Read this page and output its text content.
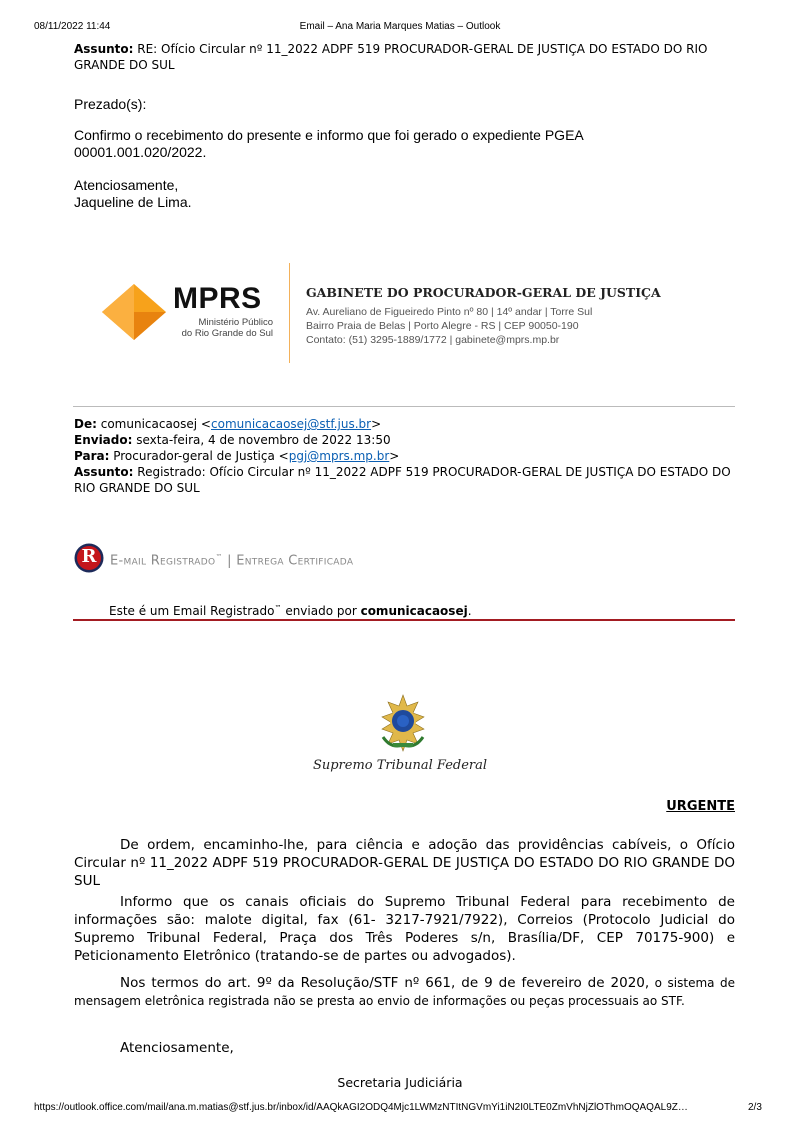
08/11/2022 11:44	Email – Ana Maria Marques Matias – Outlook
Assunto: RE: Ofício Circular nº 11_2022 ADPF 519 PROCURADOR-GERAL DE JUSTIÇA DO ESTADO DO RIO
GRANDE DO SUL
Prezado(s):
Confirmo o recebimento do presente e informo que foi gerado o expediente PGEA
00001.001.020/2022.
Atenciosamente,
Jaqueline de Lima.
MPRS
Ministério Público
do Rio Grande do Sul
GABINETE DO PROCURADOR-GERAL DE JUSTIÇA
Av. Aureliano de Figueiredo Pinto nº 80 | 14º andar | Torre Sul
Bairro Praia de Belas | Porto Alegre - RS | CEP 90050-190
Contato: (51) 3295-1889/1772 | gabinete@mprs.mp.br
De: comunicacaosej <comunicacaosej@stf.jus.br>
Enviado: sexta-feira, 4 de novembro de 2022 13:50
Para: Procurador-geral de Justiça <pgj@mprs.mp.br>
Assunto: Registrado: Ofício Circular nº 11_2022 ADPF 519 PROCURADOR-GERAL DE JUSTIÇA DO ESTADO DO
RIO GRANDE DO SUL
R	E-mail Registrado™ | Entrega Certificada
Este é um Email Registrado™ enviado por comunicacaosej.
Supremo Tribunal Federal
URGENTE
De ordem, encaminho-lhe, para ciência e adoção das providências cabíveis, o Ofício Circular nº 11_2022 ADPF 519 PROCURADOR-GERAL DE JUSTIÇA DO ESTADO DO RIO GRANDE DO SUL
Informo que os canais oficiais do Supremo Tribunal Federal para recebimento de informações são: malote digital, fax (61- 3217-7921/7922), Correios (Protocolo Judicial do Supremo Tribunal Federal, Praça dos Três Poderes s/n, Brasília/DF, CEP 70175-900) e Peticionamento Eletrônico (tratando-se de partes ou advogados).
Nos termos do art. 9º da Resolução/STF nº 661, de 9 de fevereiro de 2020, o sistema de mensagem eletrônica registrada não se presta ao envio de informações ou peças processuais ao STF.
Atenciosamente,
Secretaria Judiciária
https://outlook.office.com/mail/ana.m.matias@stf.jus.br/inbox/id/AAQkAGI2ODQ4Mjc1LWMzNTItNGVmYi1iN2I0LTE0ZmVhNjZlOThmOQAQAL9Z…	2/3
